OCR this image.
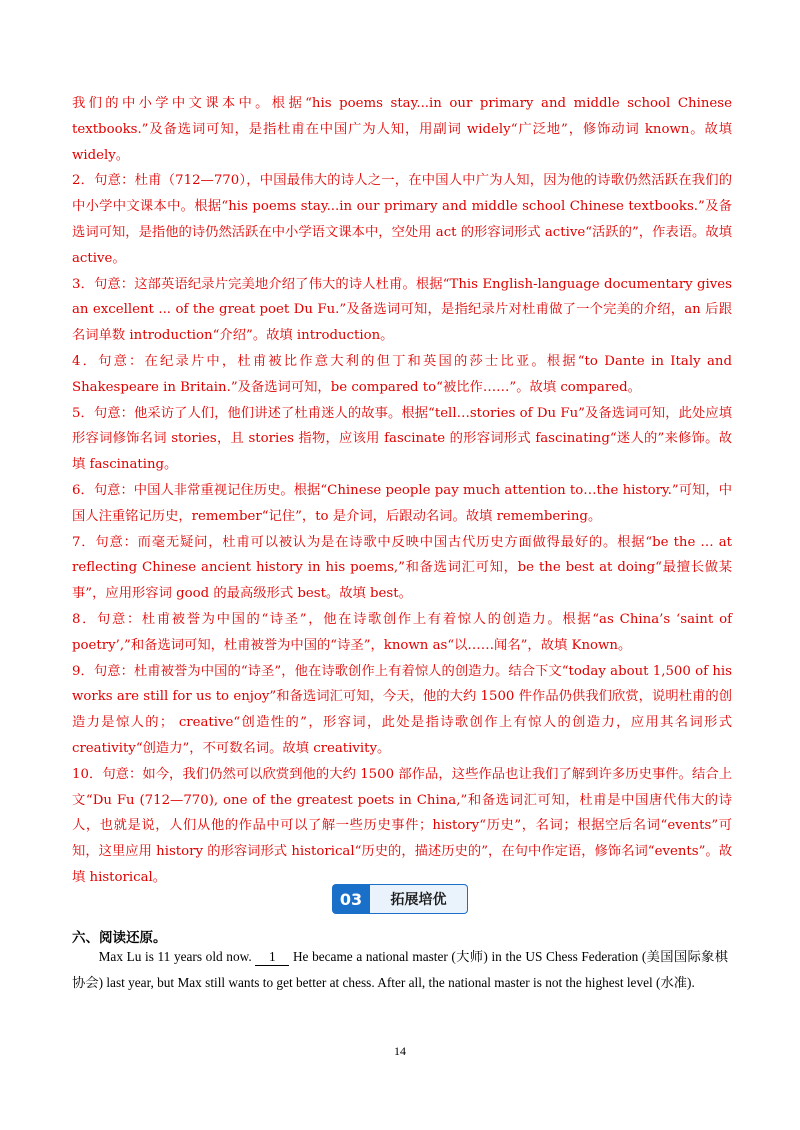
我们的中小学中文课本中。根据“his poems stay...in our primary and middle school Chinese textbooks.”及备选词可知，是指杜甫在中国广为人知，用副词 widely“广泛地”，修饰动词 known。故填 widely。

2．句意：杜甫（712—770），中国最伟大的诗人之一，在中国人中广为人知，因为他的诗歌仍然活跃在我们的中小学中文课本中。根据“his poems stay...in our primary and middle school Chinese textbooks.”及备选词可知，是指他的诗仍然活跃在中小学语文课本中，空处用 act 的形容词形式 active“活跃的”，作表语。故填 active。

3．句意：这部英语纪录片完美地介绍了伟大的诗人杜甫。根据“This English-language documentary gives an excellent ... of the great poet Du Fu.”及备选词可知，是指纪录片对杜甫做了一个完美的介绍，an 后跟名词单数 introduction“介绍”。故填 introduction。

4．句意：在纪录片中，杜甫被比作意大利的但丁和英国的莎士比亚。根据“to Dante in Italy and Shakespeare in Britain.”及备选词可知，be compared to“被比作……”。故填 compared。

5．句意：他采访了人们，他们讲述了杜甫迷人的故事。根据“tell…stories of Du Fu”及备选词可知，此处应填形容词修饰名词 stories，且 stories 指物，应该用 fascinate 的形容词形式 fascinating“迷人的”来修饰。故填 fascinating。

6．句意：中国人非常重视记住历史。根据“Chinese people pay much attention to…the history.”可知，中国人注重铭记历史，remember“记住”，to 是介词，后跟动名词。故填 remembering。

7．句意：而毫无疑问，杜甫可以被认为是在诗歌中反映中国古代历史方面做得最好的。根据“be the … at reflecting Chinese ancient history in his poems,”和备选词汇可知，be the best at doing“最擅长做某事”，应用形容词 good 的最高级形式 best。故填 best。

8．句意：杜甫被誉为中国的“诗圣”，他在诗歌创作上有着惊人的创造力。根据“as China’s ‘saint of poetry’,”和备选词可知，杜甫被誉为中国的“诗圣”，known as“以……闻名”，故填 Known。

9．句意：杜甫被誉为中国的“诗圣”，他在诗歌创作上有着惊人的创造力。结合下文“today about 1,500 of his works are still for us to enjoy”和备选词汇可知，今天，他的大约 1500 件作品仍供我们欣赏，说明杜甫的创造力是惊人的； creative“创造性的”，形容词，此处是指诗歌创作上有惊人的创造力，应用其名词形式 creativity“创造力”，不可数名词。故填 creativity。

10．句意：如今，我们仍然可以欣赏到他的大约 1500 部作品，这些作品也让我们了解到许多历史事件。结合上文“Du Fu (712—770), one of the greatest poets in China,”和备选词汇可知，杜甫是中国唐代伟大的诗人，也就是说，人们从他的作品中可以了解一些历史事件；history“历史”，名词；根据空后名词“events”可知，这里应用 history 的形容词形式 historical“历史的，描述历史的”，在句中作定语，修饰名词“events”。故填 historical。

03	拓展培优
六、阅读还原。
Max Lu is 11 years old now. 1 He became a national master (大师) in the US Chess Federation (美国国际象棋协会) last year, but Max still wants to get better at chess. After all, the national master is not the highest level (水准).
14
